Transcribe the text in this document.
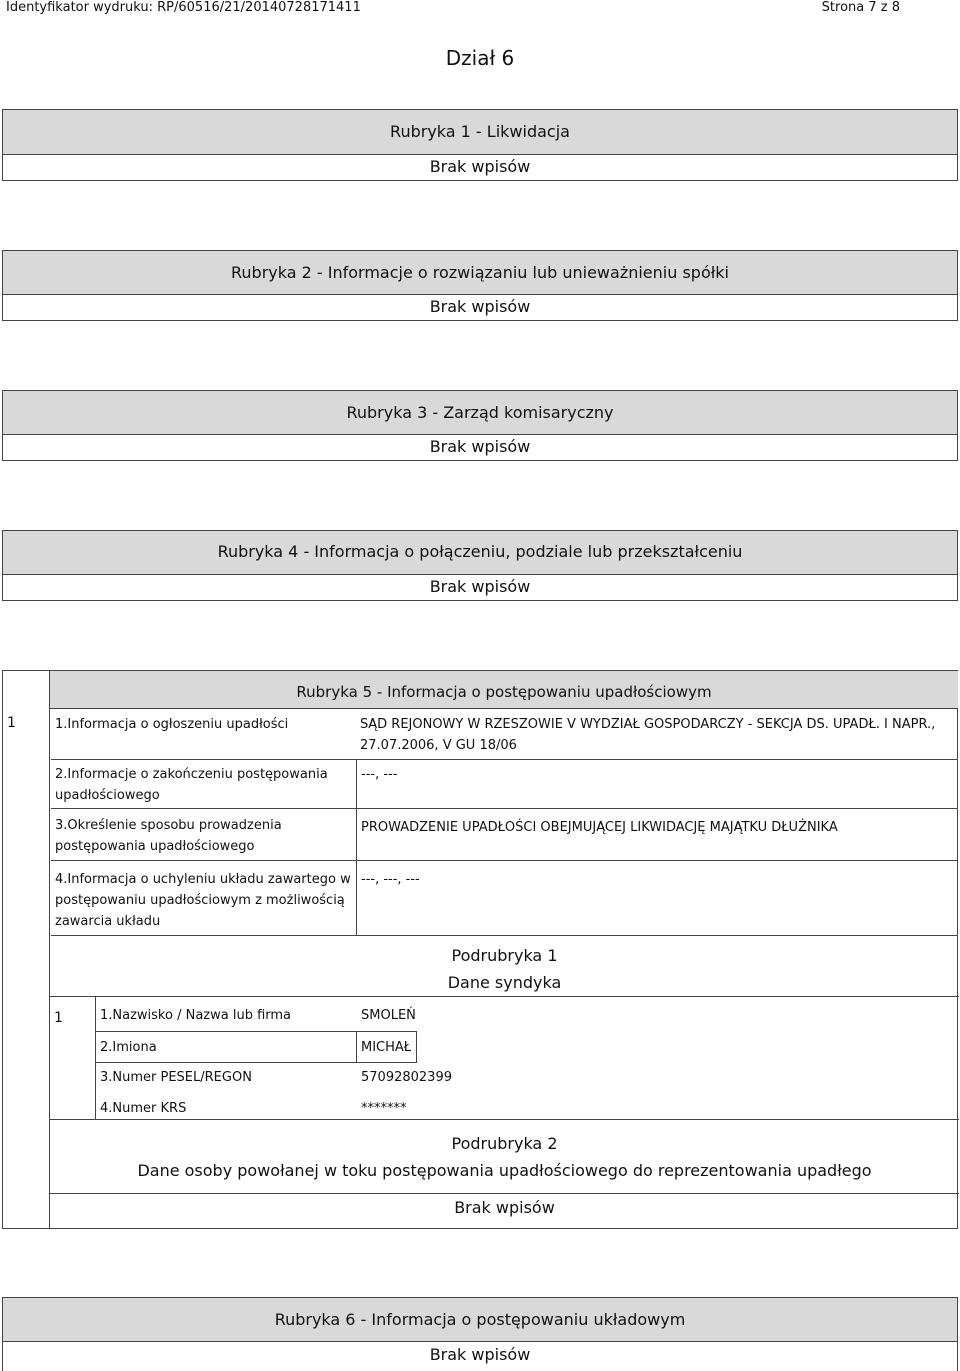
Identyfikator wydruku: RP/60516/21/20140728171411	Strona 7 z 8
Dział 6
Rubryka 1 - Likwidacja
Brak wpisów
Rubryka 2 - Informacje o rozwiązaniu lub unieważnieniu spółki
Brak wpisów
Rubryka 3 - Zarząd komisaryczny
Brak wpisów
Rubryka 4 - Informacja o połączeniu, podziale lub przekształceniu
Brak wpisów
Rubryka 5 - Informacja o postępowaniu upadłościowym
1	1.Informacja o ogłoszeniu upadłości	SĄD REJONOWY W RZESZOWIE V WYDZIAŁ GOSPODARCZY - SEKCJA DS. UPADŁ. I NAPR.,
27.07.2006, V GU 18/06
2.Informacje o zakończeniu postępowania
upadłościowego
---, ---
3.Określenie sposobu prowadzenia
postępowania upadłościowego
PROWADZENIE UPADŁOŚCI OBEJMUJĄCEJ LIKWIDACJĘ MAJĄTKU DŁUŻNIKA
4.Informacja o uchyleniu układu zawartego w
postępowaniu upadłościowym z możliwością
zawarcia układu
---, ---, ---
Podrubryka 1
Dane syndyka
1	1.Nazwisko / Nazwa lub firma	SMOLEŃ
2.Imiona	MICHAŁ
3.Numer PESEL/REGON	57092802399
4.Numer KRS	*******
Podrubryka 2
Dane osoby powołanej w toku postępowania upadłościowego do reprezentowania upadłego
Brak wpisów
Rubryka 6 - Informacja o postępowaniu układowym
Brak wpisów
